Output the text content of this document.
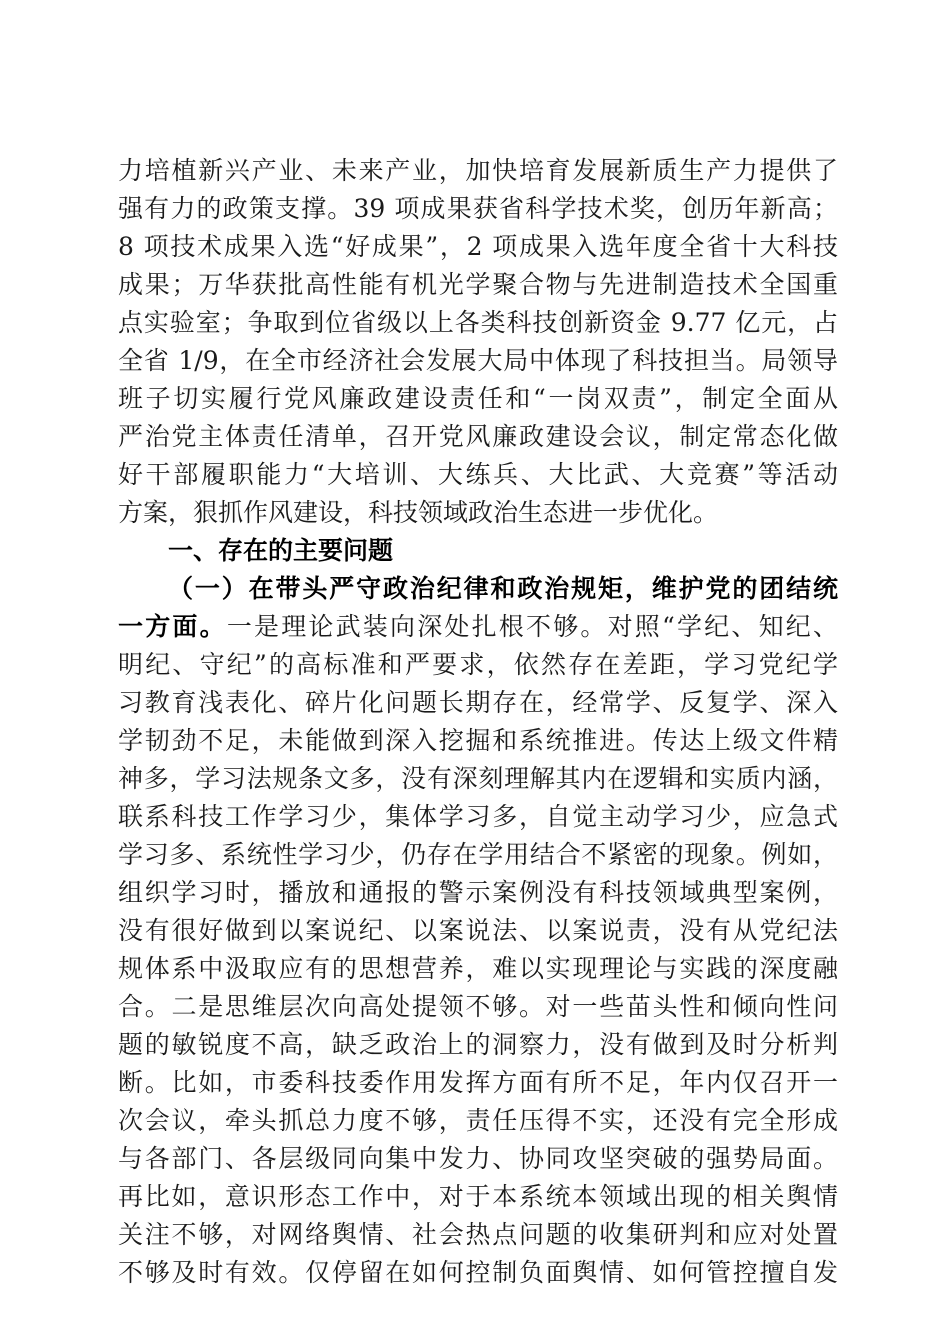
力培植新兴产业、未来产业，加快培育发展新质生产力提供了
强有力的政策支撑。39 项成果获省科学技术奖，创历年新高；
8 项技术成果入选“好成果”，2 项成果入选年度全省十大科技
成果；万华获批高性能有机光学聚合物与先进制造技术全国重
点实验室；争取到位省级以上各类科技创新资金 9.77 亿元，占
全省 1/9，在全市经济社会发展大局中体现了科技担当。局领导
班子切实履行党风廉政建设责任和“一岗双责”，制定全面从
严治党主体责任清单，召开党风廉政建设会议，制定常态化做
好干部履职能力“大培训、大练兵、大比武、大竞赛”等活动
方案，狠抓作风建设，科技领域政治生态进一步优化。
一、存在的主要问题
（一）在带头严守政治纪律和政治规矩，维护党的团结统
一方面。一是理论武装向深处扎根不够。对照“学纪、知纪、
明纪、守纪”的高标准和严要求，依然存在差距，学习党纪学
习教育浅表化、碎片化问题长期存在，经常学、反复学、深入
学韧劲不足，未能做到深入挖掘和系统推进。传达上级文件精
神多，学习法规条文多，没有深刻理解其内在逻辑和实质内涵，
联系科技工作学习少，集体学习多，自觉主动学习少，应急式
学习多、系统性学习少，仍存在学用结合不紧密的现象。例如，
组织学习时，播放和通报的警示案例没有科技领域典型案例，
没有很好做到以案说纪、以案说法、以案说责，没有从党纪法
规体系中汲取应有的思想营养，难以实现理论与实践的深度融
合。二是思维层次向高处提领不够。对一些苗头性和倾向性问
题的敏锐度不高，缺乏政治上的洞察力，没有做到及时分析判
断。比如，市委科技委作用发挥方面有所不足，年内仅召开一
次会议，牵头抓总力度不够，责任压得不实，还没有完全形成
与各部门、各层级同向集中发力、协同攻坚突破的强势局面。
再比如，意识形态工作中，对于本系统本领域出现的相关舆情
关注不够，对网络舆情、社会热点问题的收集研判和应对处置
不够及时有效。仅停留在如何控制负面舆情、如何管控擅自发
